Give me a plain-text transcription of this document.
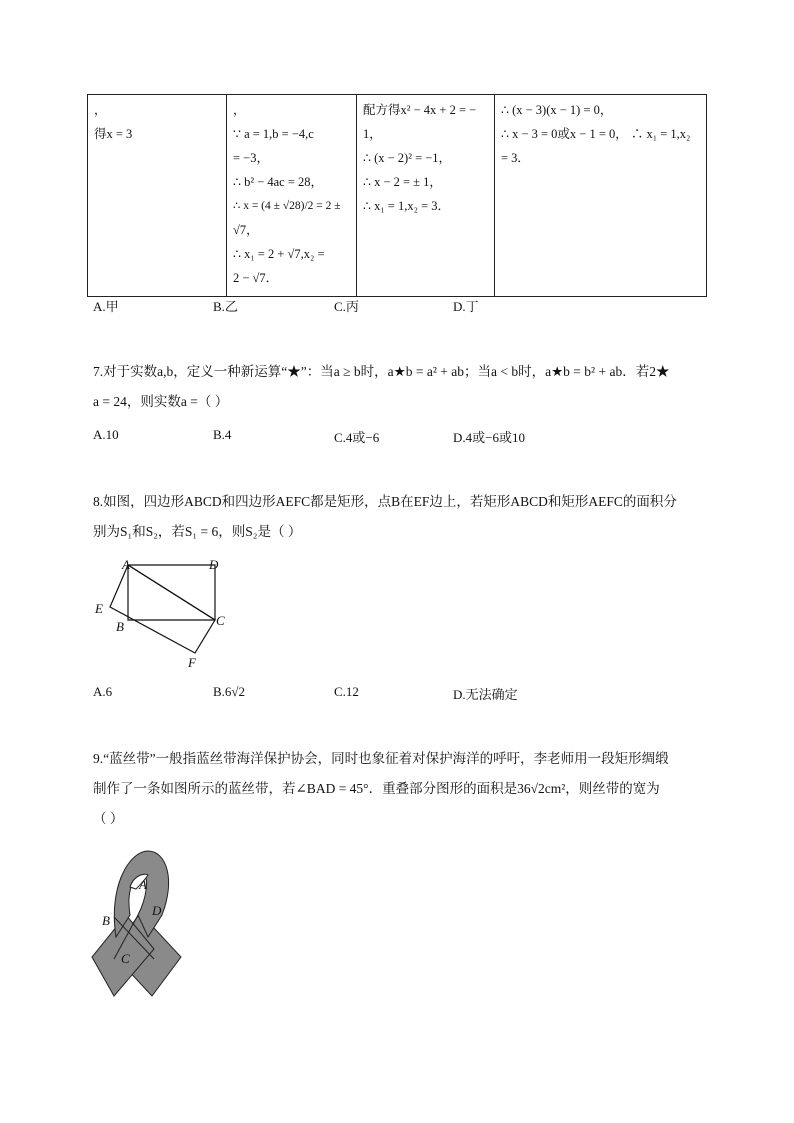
，
得x = 3

，
∵ a = 1,b = −4,c
= −3，
∴ b² − 4ac = 28，
∴ x = (4 ± √28)/2 = 2 ±
√7，
∴ x₁ = 2 + √7,x₂ =
2 − √7．

配方得x² − 4x + 2 = −
1，
∴ (x − 2)² = −1，
∴ x − 2 = ± 1，
∴ x₁ = 1,x₂ = 3．

∴ (x − 3)(x − 1) = 0，
∴ x − 3 = 0或x − 1 = 0， ∴ x₁ = 1,x₂
= 3．
A.甲	B.乙	C.丙	D.丁
7.对于实数a,b，定义一种新运算“★”：当a ≥ b时，a★b = a² + ab；当a < b时，a★b = b² + ab．若2★
a = 24，则实数a =（ ）
A.10	B.4	C.4或−6	D.4或−6或10
8.如图，四边形ABCD和四边形AEFC都是矩形，点B在EF边上，若矩形ABCD和矩形AEFC的面积分
别为S₁和S₂，若S₁ = 6，则S₂是（ ）
A	D
E
B	C
F
A.6	B.6√2	C.12	D.无法确定
9.“蓝丝带”一般指蓝丝带海洋保护协会，同时也象征着对保护海洋的呼吁，李老师用一段矩形绸缎
制作了一条如图所示的蓝丝带，若∠BAD = 45°．重叠部分图形的面积是36√2cm²，则丝带的宽为
（ ）
A
B
D
C
